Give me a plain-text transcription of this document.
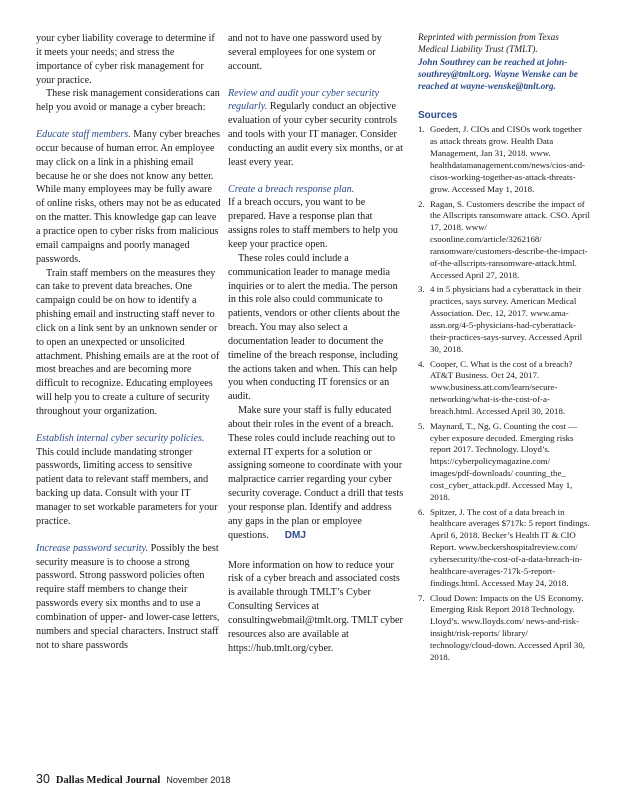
your cyber liability coverage to determine if it meets your needs; and stress the importance of cyber risk management for your practice.

These risk management considerations can help you avoid or manage a cyber breach:

Educate staff members. Many cyber breaches occur because of human error. An employee may click on a link in a phishing email because he or she does not know any better. While many employees may be fully aware of online risks, others may not be as educated on the matter. This knowledge gap can leave a practice open to cyber risks from malicious email campaigns and poorly managed passwords.

Train staff members on the measures they can take to prevent data breaches. One campaign could be on how to identify a phishing email and instructing staff never to click on a link sent by an unknown sender or to open an unexpected or unsolicited attachment. Phishing emails are at the root of most breaches and are becoming more difficult to recognize. Educating employees will help you to create a culture of security throughout your organization.

Establish internal cyber security policies. This could include mandating stronger passwords, limiting access to sensitive patient data to relevant staff members, and backing up data. Consult with your IT manager to set workable parameters for your practice.

Increase password security. Possibly the best security measure is to choose a strong password. Strong password policies often require staff members to change their passwords every six months and to use a combination of upper- and lower-case letters, numbers and special characters. Instruct staff not to share passwords

and not to have one password used by several employees for one system or account.

Review and audit your cyber security regularly. Regularly conduct an objective evaluation of your cyber security controls and tools with your IT manager. Consider conducting an audit every six months, or at least every year.

Create a breach response plan.

If a breach occurs, you want to be prepared. Have a response plan that assigns roles to staff members to help you keep your practice open.

These roles could include a communication leader to manage media inquiries or to alert the media. The person in this role also could communicate to patients, vendors or other clients about the breach. You may also select a documentation leader to document the timeline of the breach response, including the actions taken and when. This can help you when conducting IT forensics or an audit.

Make sure your staff is fully educated about their roles in the event of a breach. These roles could include reaching out to external IT experts for a solution or assigning someone to coordinate with your malpractice carrier regarding your cyber security coverage. Conduct a drill that tests your response plan. Identify and address any gaps in the plan or employee questions. DMJ

More information on how to reduce your risk of a cyber breach and associated costs is available through TMLT’s Cyber Consulting Services at consultingwebmail@tmlt.org. TMLT cyber resources also are available at https://hub.tmlt.org/cyber.

Reprinted with permission from Texas Medical Liability Trust (TMLT).

John Southrey can be reached at john-southrey@tmlt.org. Wayne Wenske can be reached at wayne-wenske@tmlt.org.

Sources
1. Goedert, J. CIOs and CISOs work together as attack threats grow. Health Data Management, Jan 31, 2018. www. healthdatamanagement.com/news/cios-and-cisos-working-together-as-attack-threats-grow. Accessed May 1, 2018.
2. Ragan, S. Customers describe the impact of the Allscripts ransomware attack. CSO. April 17, 2018. www/ csoonline.com/article/3262168/ ransomware/customers-describe-the-impact-of-the-allscripts-ransomware-attack.html. Accessed April 27, 2018.
3. 4 in 5 physicians had a cyberattack in their practices, says survey. American Medical Association. Dec. 12, 2017. www.ama-assn.org/4-5-physicians-had-cyberattack-their-practices-says-survey. Accessed April 30, 2018.
4. Cooper, C. What is the cost of a breach? AT&T Business. Oct 24, 2017. www.business.att.com/learn/secure-networking/what-is-the-cost-of-a-breach.html. Accessed April 30, 2018.
5. Maynard, T., Ng, G. Counting the cost — cyber exposure decoded. Emerging risks report 2017. Technology. Lloyd’s. https://cyberpolicymagazine.com/ images/pdf-downloads/ counting_the_ cost_cyber_attack.pdf. Accessed May 1, 2018.
6. Spitzer, J. The cost of a data breach in healthcare averages $717k: 5 report findings. April 6, 2018. Becker’s Health IT & CIO Report. www.beckershospitalreview.com/ cybersecurity/the-cost-of-a-data-breach-in-healthcare-averages-717k-5-report-findings.html. Accessed May 24, 2018.
7. Cloud Down: Impacts on the US Economy. Emerging Risk Report 2018 Technology. Lloyd’s. www.lloyds.com/ news-and-risk-insight/risk-reports/ library/ technology/cloud-down. Accessed April 30, 2018.
30 Dallas Medical Journal November 2018
